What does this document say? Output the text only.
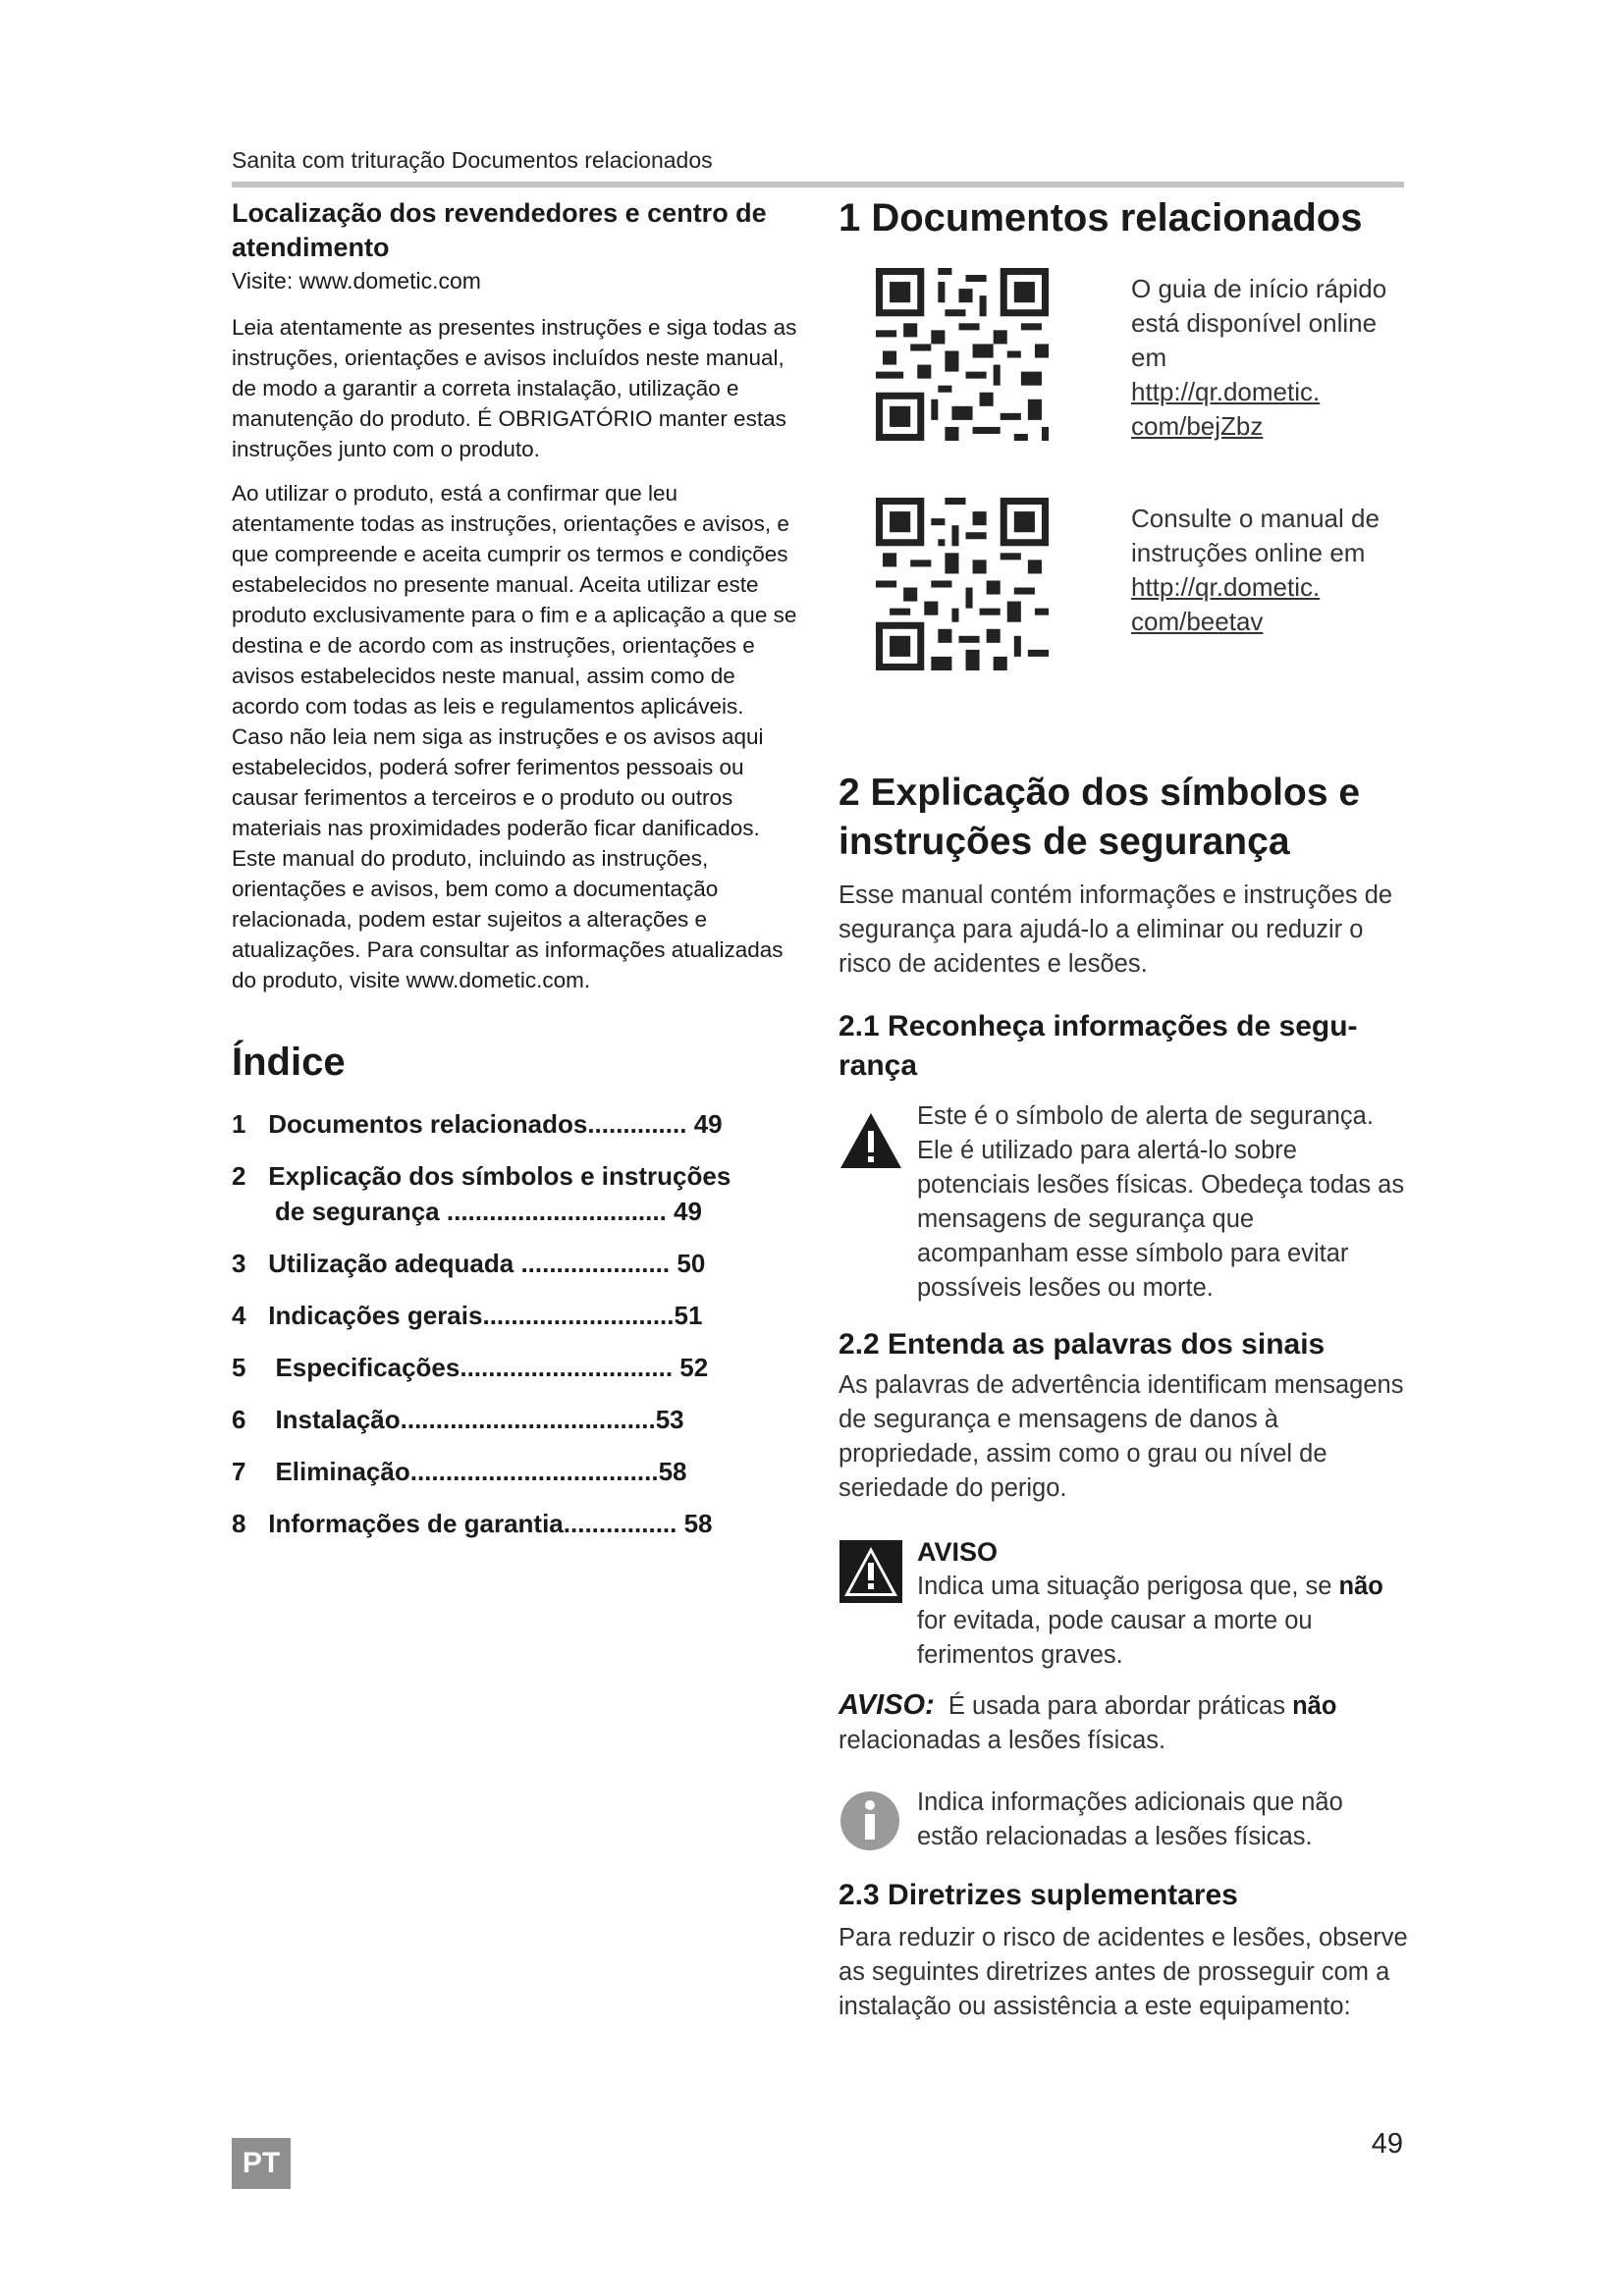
Sanita com trituração Documentos relacionados

Localização dos revendedores e centro de atendimento

Visite: www.dometic.com

Leia atentamente as presentes instruções e siga todas as instruções, orientações e avisos incluídos neste manual, de modo a garantir a correta instalação, utilização e manutenção do produto. É OBRIGATÓRIO manter estas instruções junto com o produto.

Ao utilizar o produto, está a confirmar que leu atentamente todas as instruções, orientações e avisos, e que compreende e aceita cumprir os termos e condições estabelecidos no presente manual. Aceita utilizar este produto exclusivamente para o fim e a aplicação a que se destina e de acordo com as instruções, orientações e avisos estabelecidos neste manual, assim como de acordo com todas as leis e regulamentos aplicáveis. Caso não leia nem siga as instruções e os avisos aqui estabelecidos, poderá sofrer ferimentos pessoais ou causar ferimentos a terceiros e o produto ou outros materiais nas proximidades poderão ficar danificados. Este manual do produto, incluindo as instruções, orientações e avisos, bem como a documentação relacionada, podem estar sujeitos a alterações e atualizações. Para consultar as informações atualizadas do produto, visite www.dometic.com.

Índice
1 Documentos relacionados.............. 49
2 Explicação dos símbolos e instruções
de segurança ............................... 49
3 Utilização adequada ..................... 50
4 Indicações gerais...........................51
5 Especificações.............................. 52
6 Instalação....................................53
7 Eliminação...................................58
8 Informações de garantia................ 58
1 Documentos relacionados
O guia de início rápido está disponível online em
http://qr.dometic.
com/bejZbz
Consulte o manual de instruções online em
http://qr.dometic.
com/beetav
2 Explicação dos símbolos e instruções de segurança

Esse manual contém informações e instruções de segurança para ajudá-lo a eliminar ou reduzir o risco de acidentes e lesões.

2.1 Reconheça informações de segu-rança
Este é o símbolo de alerta de segurança. Ele é utilizado para alertá-lo sobre potenciais lesões físicas. Obedeça todas as mensagens de segurança que acompanham esse símbolo para evitar possíveis lesões ou morte.
2.2 Entenda as palavras dos sinais

As palavras de advertência identificam mensagens de segurança e mensagens de danos à propriedade, assim como o grau ou nível de seriedade do perigo.

AVISO
Indica uma situação perigosa que, se não for evitada, pode causar a morte ou ferimentos graves.

AVISO: É usada para abordar práticas não relacionadas a lesões físicas.

Indica informações adicionais que não estão relacionadas a lesões físicas.
2.3 Diretrizes suplementares

Para reduzir o risco de acidentes e lesões, observe as seguintes diretrizes antes de prosseguir com a instalação ou assistência a este equipamento:

PT
49
